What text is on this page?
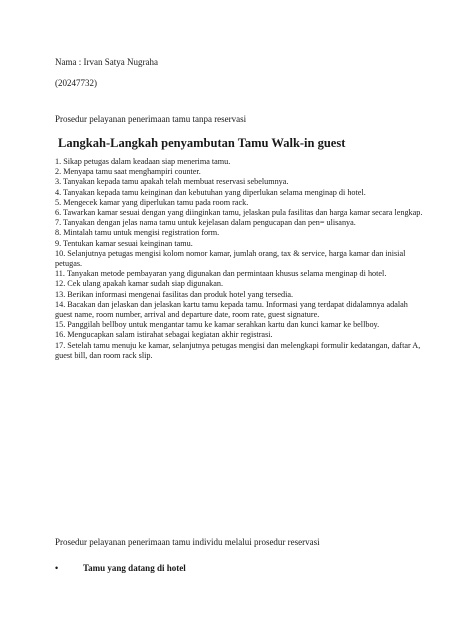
Nama : Irvan Satya Nugraha
(20247732)
Prosedur pelayanan penerimaan tamu tanpa reservasi
Langkah-Langkah penyambutan Tamu Walk-in guest
1. Sikap petugas dalam keadaan siap menerima tamu.
2. Menyapa tamu saat menghampiri counter.
3. Tanyakan kepada tamu apakah telah membuat reservasi sebelumnya.
4. Tanyakan kepada tamu keinginan dan kebutuhan yang diperlukan selama menginap di hotel.
5. Mengecek kamar yang diperlukan tamu pada room rack.
6. Tawarkan kamar sesuai dengan yang diinginkan tamu, jelaskan pula fasilitas dan harga kamar secara lengkap.
7. Tanyakan dengan jelas nama tamu untuk kejelasan dalam pengucapan dan pen= ulisanya.
8. Mintalah tamu untuk mengisi registration form.
9. Tentukan kamar sesuai keinginan tamu.
10. Selanjutnya petugas mengisi kolom nomor kamar, jumlah orang, tax & service, harga kamar dan inisial petugas.
11. Tanyakan metode pembayaran yang digunakan dan permintaan khusus selama menginap di hotel.
12. Cek ulang apakah kamar sudah siap digunakan.
13. Berikan informasi mengenai fasilitas dan produk hotel yang tersedia.
14. Bacakan dan jelaskan dan jelaskan kartu tamu kepada tamu. Informasi yang terdapat didalamnya adalah guest name, room number, arrival and departure date, room rate, guest signature.
15. Panggilah bellboy untuk mengantar tamu ke kamar serahkan kartu dan kunci kamar ke bellboy.
16. Mengucapkan salam istirahat sebagai kegiatan akhir registrasi.
17. Setelah tamu menuju ke kamar, selanjutnya petugas mengisi dan melengkapi formulir kedatangan, daftar A, guest bill, dan room rack slip.
Prosedur pelayanan penerimaan tamu individu melalui prosedur reservasi
•	Tamu yang datang di hotel
